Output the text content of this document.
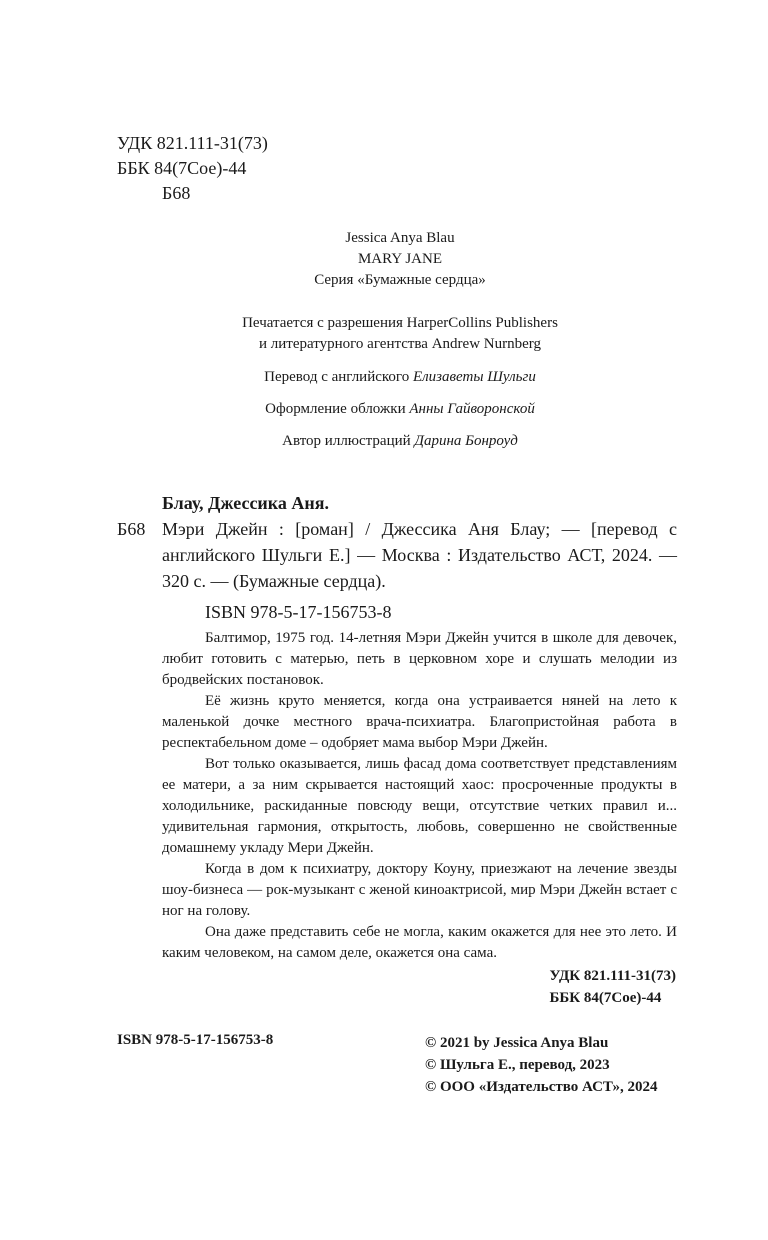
УДК 821.111-31(73)
ББК 84(7Сое)-44
Б68
Jessica Anya Blau
MARY JANE
Серия «Бумажные сердца»
Печатается с разрешения HarperCollins Publishers
и литературного агентства Andrew Nurnberg
Перевод с английского Елизаветы Шульги
Оформление обложки Анны Гайворонской
Автор иллюстраций Дарина Бонроуд
Блау, Джессика Аня.
Б68 Мэри Джейн : [роман] / Джессика Аня Блау; — [перевод с английского Шульги Е.] — Москва : Издательство АСТ, 2024. — 320 с. — (Бумажные сердца).
ISBN 978-5-17-156753-8

Балтимор, 1975 год. 14-летняя Мэри Джейн учится в школе для девочек, любит готовить с матерью, петь в церковном хоре и слушать мелодии из бродвейских постановок.

Её жизнь круто меняется, когда она устраивается няней на лето к маленькой дочке местного врача-психиатра. Благопристойная работа в респектабельном доме – одобряет мама выбор Мэри Джейн.

Вот только оказывается, лишь фасад дома соответствует представлениям ее матери, а за ним скрывается настоящий хаос: просроченные продукты в холодильнике, раскиданные повсюду вещи, отсутствие четких правил и... удивительная гармония, открытость, любовь, совершенно не свойственные домашнему укладу Мери Джейн.

Когда в дом к психиатру, доктору Коуну, приезжают на лечение звезды шоу-бизнеса — рок-музыкант с женой киноактрисой, мир Мэри Джейн встает с ног на голову.

Она даже представить себе не могла, каким окажется для нее это лето. И каким человеком, на самом деле, окажется она сама.

УДК 821.111-31(73)
ББК 84(7Сое)-44
ISBN 978-5-17-156753-8	© 2021 by Jessica Anya Blau
© Шульга Е., перевод, 2023
© ООО «Издательство АСТ», 2024
